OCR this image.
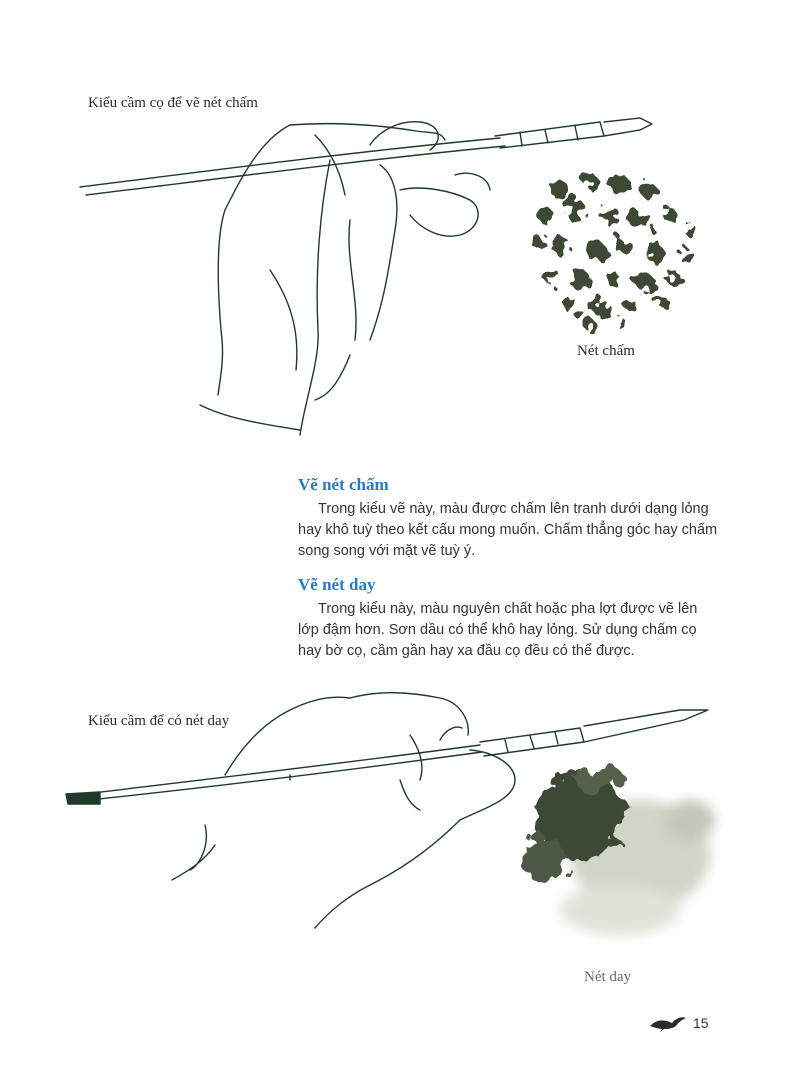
Kiểu cầm cọ để vẽ nét chấm
Nét chấm
Vẽ nét chấm

Trong kiểu vẽ này, màu được chấm lên tranh dưới dạng lỏng hay khô tuỳ theo kết cấu mong muốn. Chấm thẳng góc hay chấm song song với mặt vẽ tuỳ ý.

Vẽ nét day

Trong kiểu này, màu nguyên chất hoặc pha lợt được vẽ lên lớp đậm hơn. Sơn dầu có thể khô hay lỏng. Sử dụng chấm cọ hay bờ cọ, cầm gần hay xa đầu cọ đều có thể được.

Kiểu cầm để có nét day
Nét day
15
